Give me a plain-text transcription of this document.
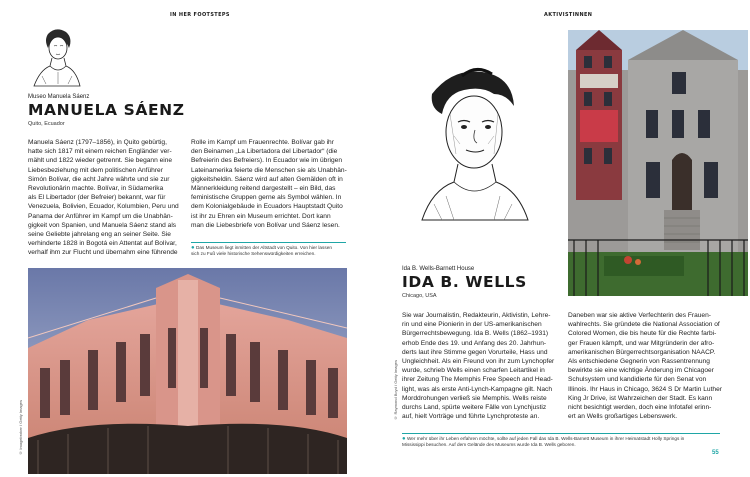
IN HER FOOTSTEPS	AKTIVISTINNEN
Museo Manuela Sáenz
MANUELA SÁENZ
Quito, Ecuador

Manuela Sáenz (1797–1856), in Quito gebürtig,

hatte sich 1817 mit einem reichen Engländer ver-

mählt und 1822 wieder getrennt. Sie begann eine

Liebesbeziehung mit dem politischen Anführer

Simón Bolívar, die acht Jahre währte und sie zur

Revolutionärin machte. Bolívar, in Südamerika

als El Libertador (der Befreier) bekannt, war für

Venezuela, Bolivien, Ecuador, Kolumbien, Peru und

Panama der Anführer im Kampf um die Unabhän-

gigkeit von Spanien, und Manuela Sáenz stand als

seine Geliebte jahrelang eng an seiner Seite. Sie

verhinderte 1828 in Bogotá ein Attentat auf Bolívar,

verhalf ihm zur Flucht und übernahm eine führende

Rolle im Kampf um Frauenrechte. Bolívar gab ihr

den Beinamen „La Libertadora del Libertador“ (die

Befreierin des Befreiers). In Ecuador wie im übrigen

Lateinamerika feierte die Menschen sie als Unabhän-

gigkeitsheldin. Sáenz wird auf alten Gemälden oft in

Männerkleidung reitend dargestellt – ein Bild, das

feministische Gruppen gerne als Symbol wählen. In

dem Kolonialgebäude in Ecuadors Hauptstadt Quito

ist ihr zu Ehren ein Museum errichtet. Dort kann

man die Liebesbriefe von Bolívar und Sáenz lesen.

● Das Museum liegt inmitten der Altstadt von Quito. Von hier lassen
sich zu Fuß viele historische Sehenswürdigkeiten erreichen.
© Imagebroker / Getty Images
Ida B. Wells-Barnett House
IDA B. WELLS
Chicago, USA
© Raymond Boyd / Getty Images

Sie war Journalistin, Redakteurin, Aktivistin, Lehre-

rin und eine Pionierin in der US-amerikanischen

Bürgerrechtsbewegung. Ida B. Wells (1862–1931)

erhob Ende des 19. und Anfang des 20. Jahrhun-

derts laut ihre Stimme gegen Vorurteile, Hass und

Ungleichheit. Als ein Freund von ihr zum Lynchopfer

wurde, schrieb Wells einen scharfen Leitartikel in

ihrer Zeitung The Memphis Free Speech and Head-

light, was als erste Anti-Lynch-Kampagne gilt. Nach

Morddrohungen verließ sie Memphis. Wells reiste

durchs Land, spürte weitere Fälle von Lynchjustiz

auf, hielt Vorträge und führte Lynchproteste an.

Daneben war sie aktive Verfechterin des Frauen-

wahlrechts. Sie gründete die National Association of

Colored Women, die bis heute für die Rechte farbi-

ger Frauen kämpft, und war Mitgründerin der afro-

amerikanischen Bürgerrechtsorganisation NAACP.

Als entschiedene Gegnerin von Rassentrennung

bewirkte sie eine wichtige Änderung im Chicagoer

Schulsystem und kandidierte für den Senat von

Illinois. Ihr Haus in Chicago, 3624 S Dr Martin Luther

King Jr Drive, ist Wahrzeichen der Stadt. Es kann

nicht besichtigt werden, doch eine Infotafel erinn-

ert an Wells großartiges Lebenswerk.

● Wer mehr über ihr Leben erfahren möchte, sollte auf jeden Fall das Ida B. Wells-Barnett Museum in ihrer Heimatstadt Holly Springs in
Mississippi besuchen. Auf dem Gelände des Museums wurde Ida B. Wells geboren.
55
